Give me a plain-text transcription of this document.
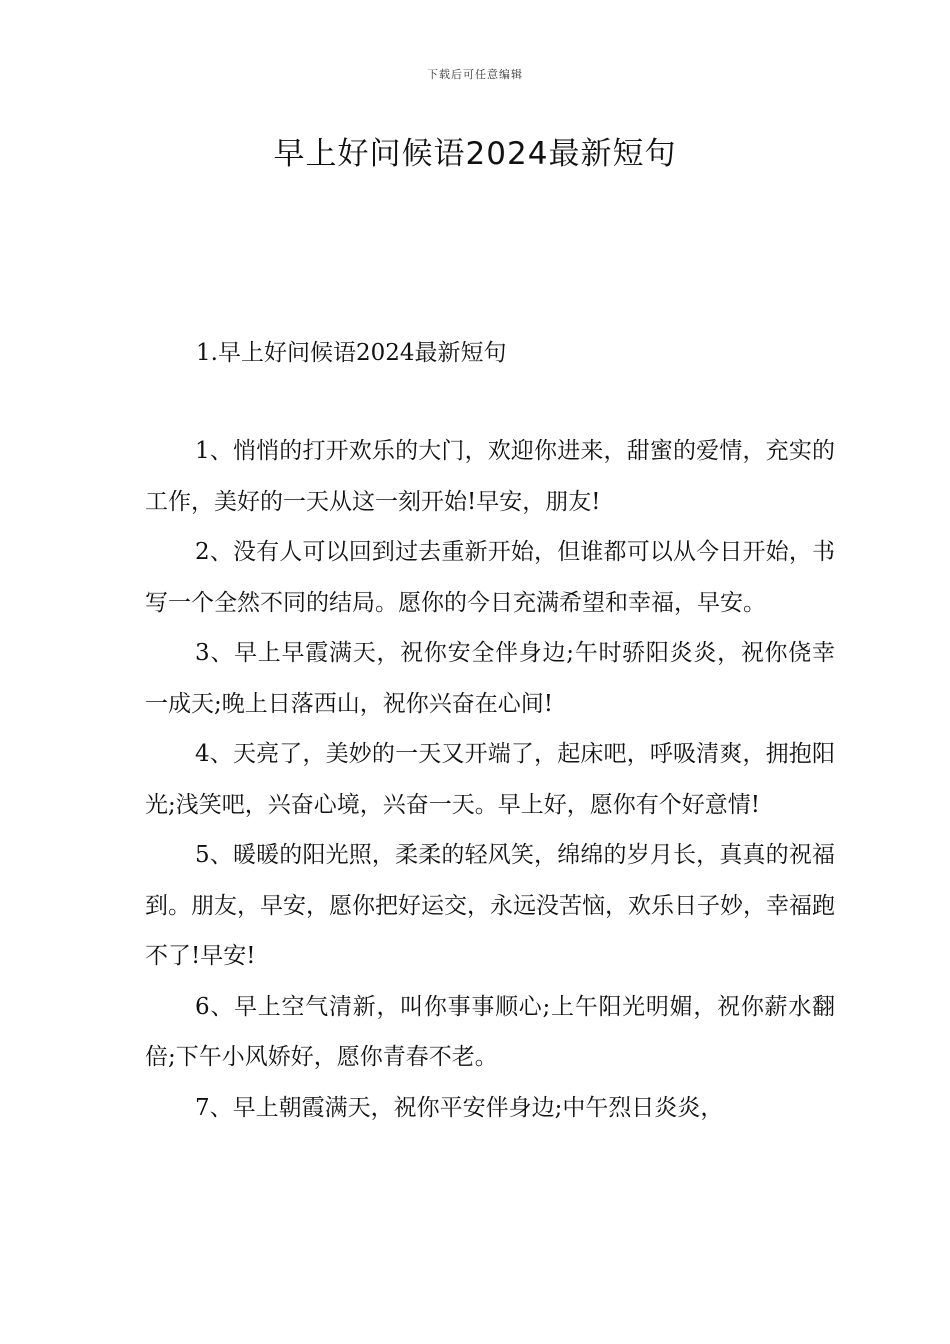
下载后可任意编辑
早上好问候语2024最新短句
1.早上好问候语2024最新短句

1、悄悄的打开欢乐的大门，欢迎你进来，甜蜜的爱情，充实的工作，美好的一天从这一刻开始!早安，朋友!

2、没有人可以回到过去重新开始，但谁都可以从今日开始，书写一个全然不同的结局。愿你的今日充满希望和幸福，早安。

3、早上早霞满天，祝你安全伴身边;午时骄阳炎炎，祝你侥幸一成天;晚上日落西山，祝你兴奋在心间!

4、天亮了，美妙的一天又开端了，起床吧，呼吸清爽，拥抱阳光;浅笑吧，兴奋心境，兴奋一天。早上好，愿你有个好意情!

5、暖暖的阳光照，柔柔的轻风笑，绵绵的岁月长，真真的祝福到。朋友，早安，愿你把好运交，永远没苦恼，欢乐日子妙，幸福跑不了!早安!

6、早上空气清新，叫你事事顺心;上午阳光明媚，祝你薪水翻倍;下午小风娇好，愿你青春不老。

7、早上朝霞满天，祝你平安伴身边;中午烈日炎炎，
